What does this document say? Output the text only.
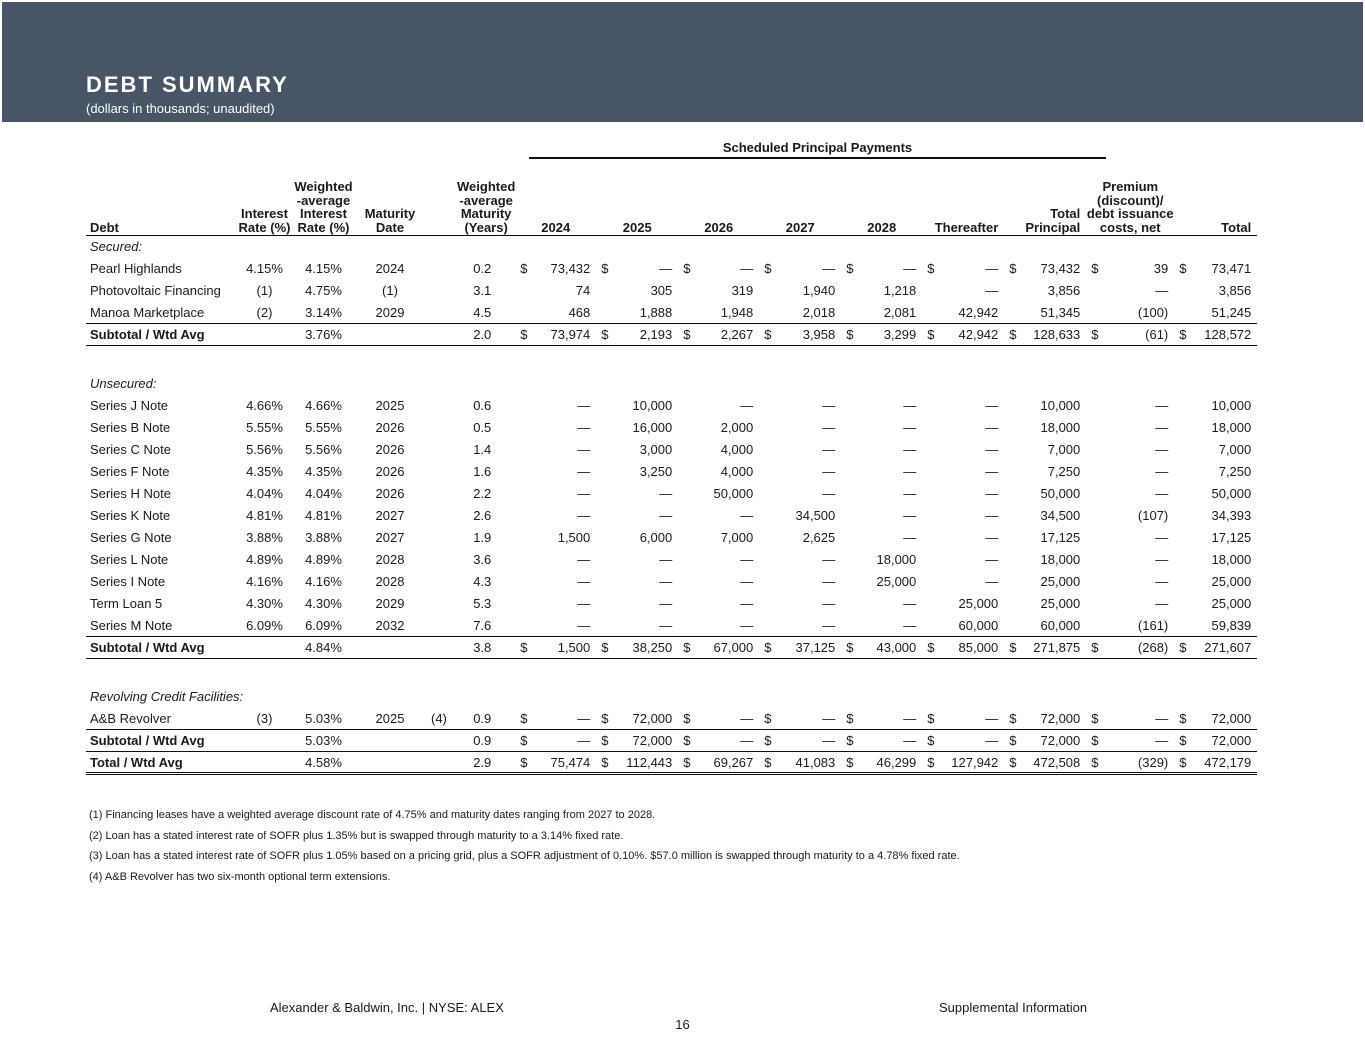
DEBT SUMMARY
(dollars in thousands; unaudited)
Scheduled Principal Payments
Debt	Interest Rate (%)	Weighted -average Interest Rate (%)	Maturity Date	Weighted -average Maturity (Years)		2024	2025	2026	2027	2028	Thereafter	Total Principal	Premium (discount)/ debt issuance costs, net	Total
Secured:														
Pearl Highlands	4.15%	4.15%	2024		0.2	$ 73,432	$ —	$ —	$ —	$ —	$ —	$ 73,432	$ 39	$ 73,471
Photovoltaic Financing	(1)	4.75%	(1)		3.1	74	305	319	1,940	1,218	—	3,856	—	3,856
Manoa Marketplace	(2)	3.14%	2029		4.5	468	1,888	1,948	2,018	2,081	42,942	51,345	(100)	51,245
Subtotal / Wtd Avg		3.76%			2.0	$ 73,974	$ 2,193	$ 2,267	$ 3,958	$ 3,299	$ 42,942	$ 128,633	$ (61)	$ 128,572

Unsecured:														
Series J Note	4.66%	4.66%	2025		0.6	—	10,000	—	—	—	—	10,000	—	10,000
Series B Note	5.55%	5.55%	2026		0.5	—	16,000	2,000	—	—	—	18,000	—	18,000
Series C Note	5.56%	5.56%	2026		1.4	—	3,000	4,000	—	—	—	7,000	—	7,000
Series F Note	4.35%	4.35%	2026		1.6	—	3,250	4,000	—	—	—	7,250	—	7,250
Series H Note	4.04%	4.04%	2026		2.2	—	—	50,000	—	—	—	50,000	—	50,000
Series K Note	4.81%	4.81%	2027		2.6	—	—	—	34,500	—	—	34,500	(107)	34,393
Series G Note	3.88%	3.88%	2027		1.9	1,500	6,000	7,000	2,625	—	—	17,125	—	17,125
Series L Note	4.89%	4.89%	2028		3.6	—	—	—	—	18,000	—	18,000	—	18,000
Series I Note	4.16%	4.16%	2028		4.3	—	—	—	—	25,000	—	25,000	—	25,000
Term Loan 5	4.30%	4.30%	2029		5.3	—	—	—	—	—	25,000	25,000	—	25,000
Series M Note	6.09%	6.09%	2032		7.6	—	—	—	—	—	60,000	60,000	(161)	59,839
Subtotal / Wtd Avg		4.84%			3.8	$ 1,500	$ 38,250	$ 67,000	$ 37,125	$ 43,000	$ 85,000	$ 271,875	$ (268)	$ 271,607

Revolving Credit Facilities:														
A&B Revolver	(3)	5.03%	2025	(4)	0.9	$ —	$ 72,000	$ —	$ —	$ —	$ —	$ 72,000	$ —	$ 72,000
Subtotal / Wtd Avg		5.03%			0.9	$ —	$ 72,000	$ —	$ —	$ —	$ —	$ 72,000	$ —	$ 72,000
Total / Wtd Avg		4.58%			2.9	$ 75,474	$ 112,443	$ 69,267	$ 41,083	$ 46,299	$ 127,942	$ 472,508	$ (329)	$ 472,179
(1) Financing leases have a weighted average discount rate of 4.75% and maturity dates ranging from 2027 to 2028.
(2) Loan has a stated interest rate of SOFR plus 1.35% but is swapped through maturity to a 3.14% fixed rate.
(3) Loan has a stated interest rate of SOFR plus 1.05% based on a pricing grid, plus a SOFR adjustment of 0.10%. $57.0 million is swapped through maturity to a 4.78% fixed rate.
(4) A&B Revolver has two six-month optional term extensions.
Alexander & Baldwin, Inc. | NYSE: ALEX	Supplemental Information
16
